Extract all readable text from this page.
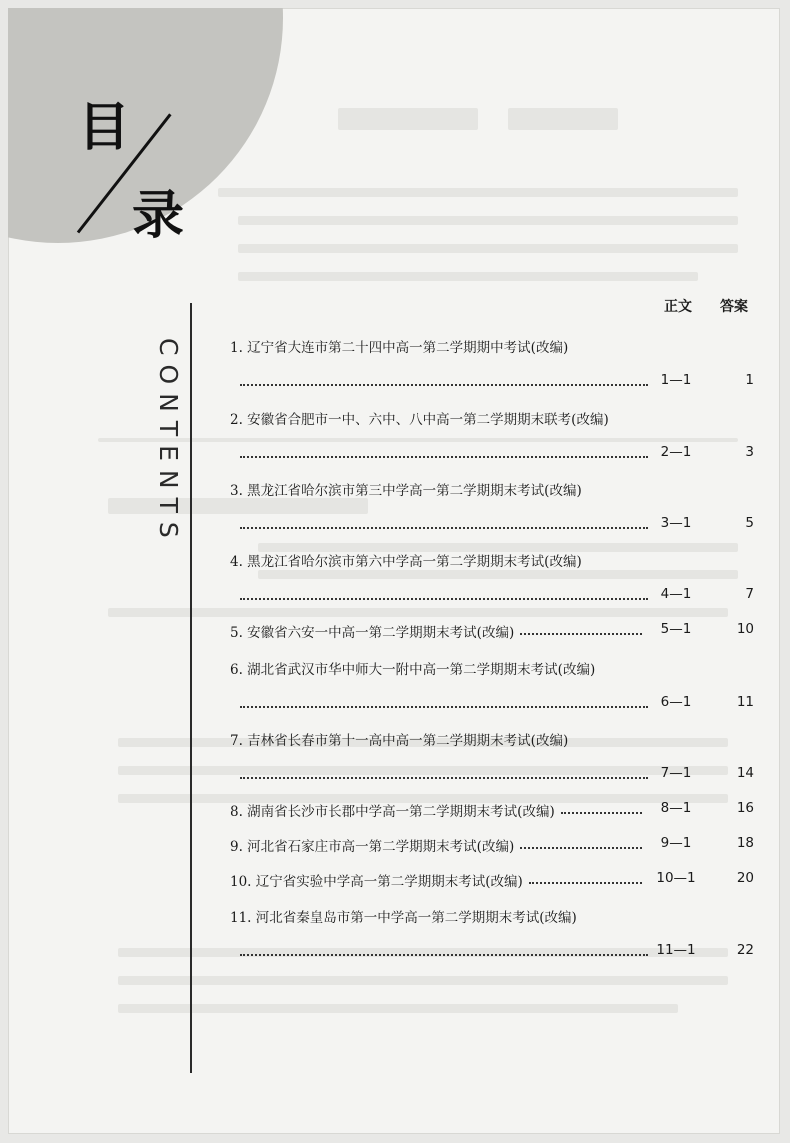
目
录
CONTENTS
正文 答案
1. 辽宁省大连市第二十四中高一第二学期期中考试(改编)
1—1	1
2. 安徽省合肥市一中、六中、八中高一第二学期期末联考(改编)
2—1	3
3. 黑龙江省哈尔滨市第三中学高一第二学期期末考试(改编)
3—1	5
4. 黑龙江省哈尔滨市第六中学高一第二学期期末考试(改编)
4—1	7
5. 安徽省六安一中高一第二学期期末考试(改编)	5—1	10
6. 湖北省武汉市华中师大一附中高一第二学期期末考试(改编)
6—1	11
7. 吉林省长春市第十一高中高一第二学期期末考试(改编)
7—1	14
8. 湖南省长沙市长郡中学高一第二学期期末考试(改编)	8—1	16
9. 河北省石家庄市高一第二学期期末考试(改编)	9—1	18
10. 辽宁省实验中学高一第二学期期末考试(改编)	10—1	20
11. 河北省秦皇岛市第一中学高一第二学期期末考试(改编)
11—1	22
